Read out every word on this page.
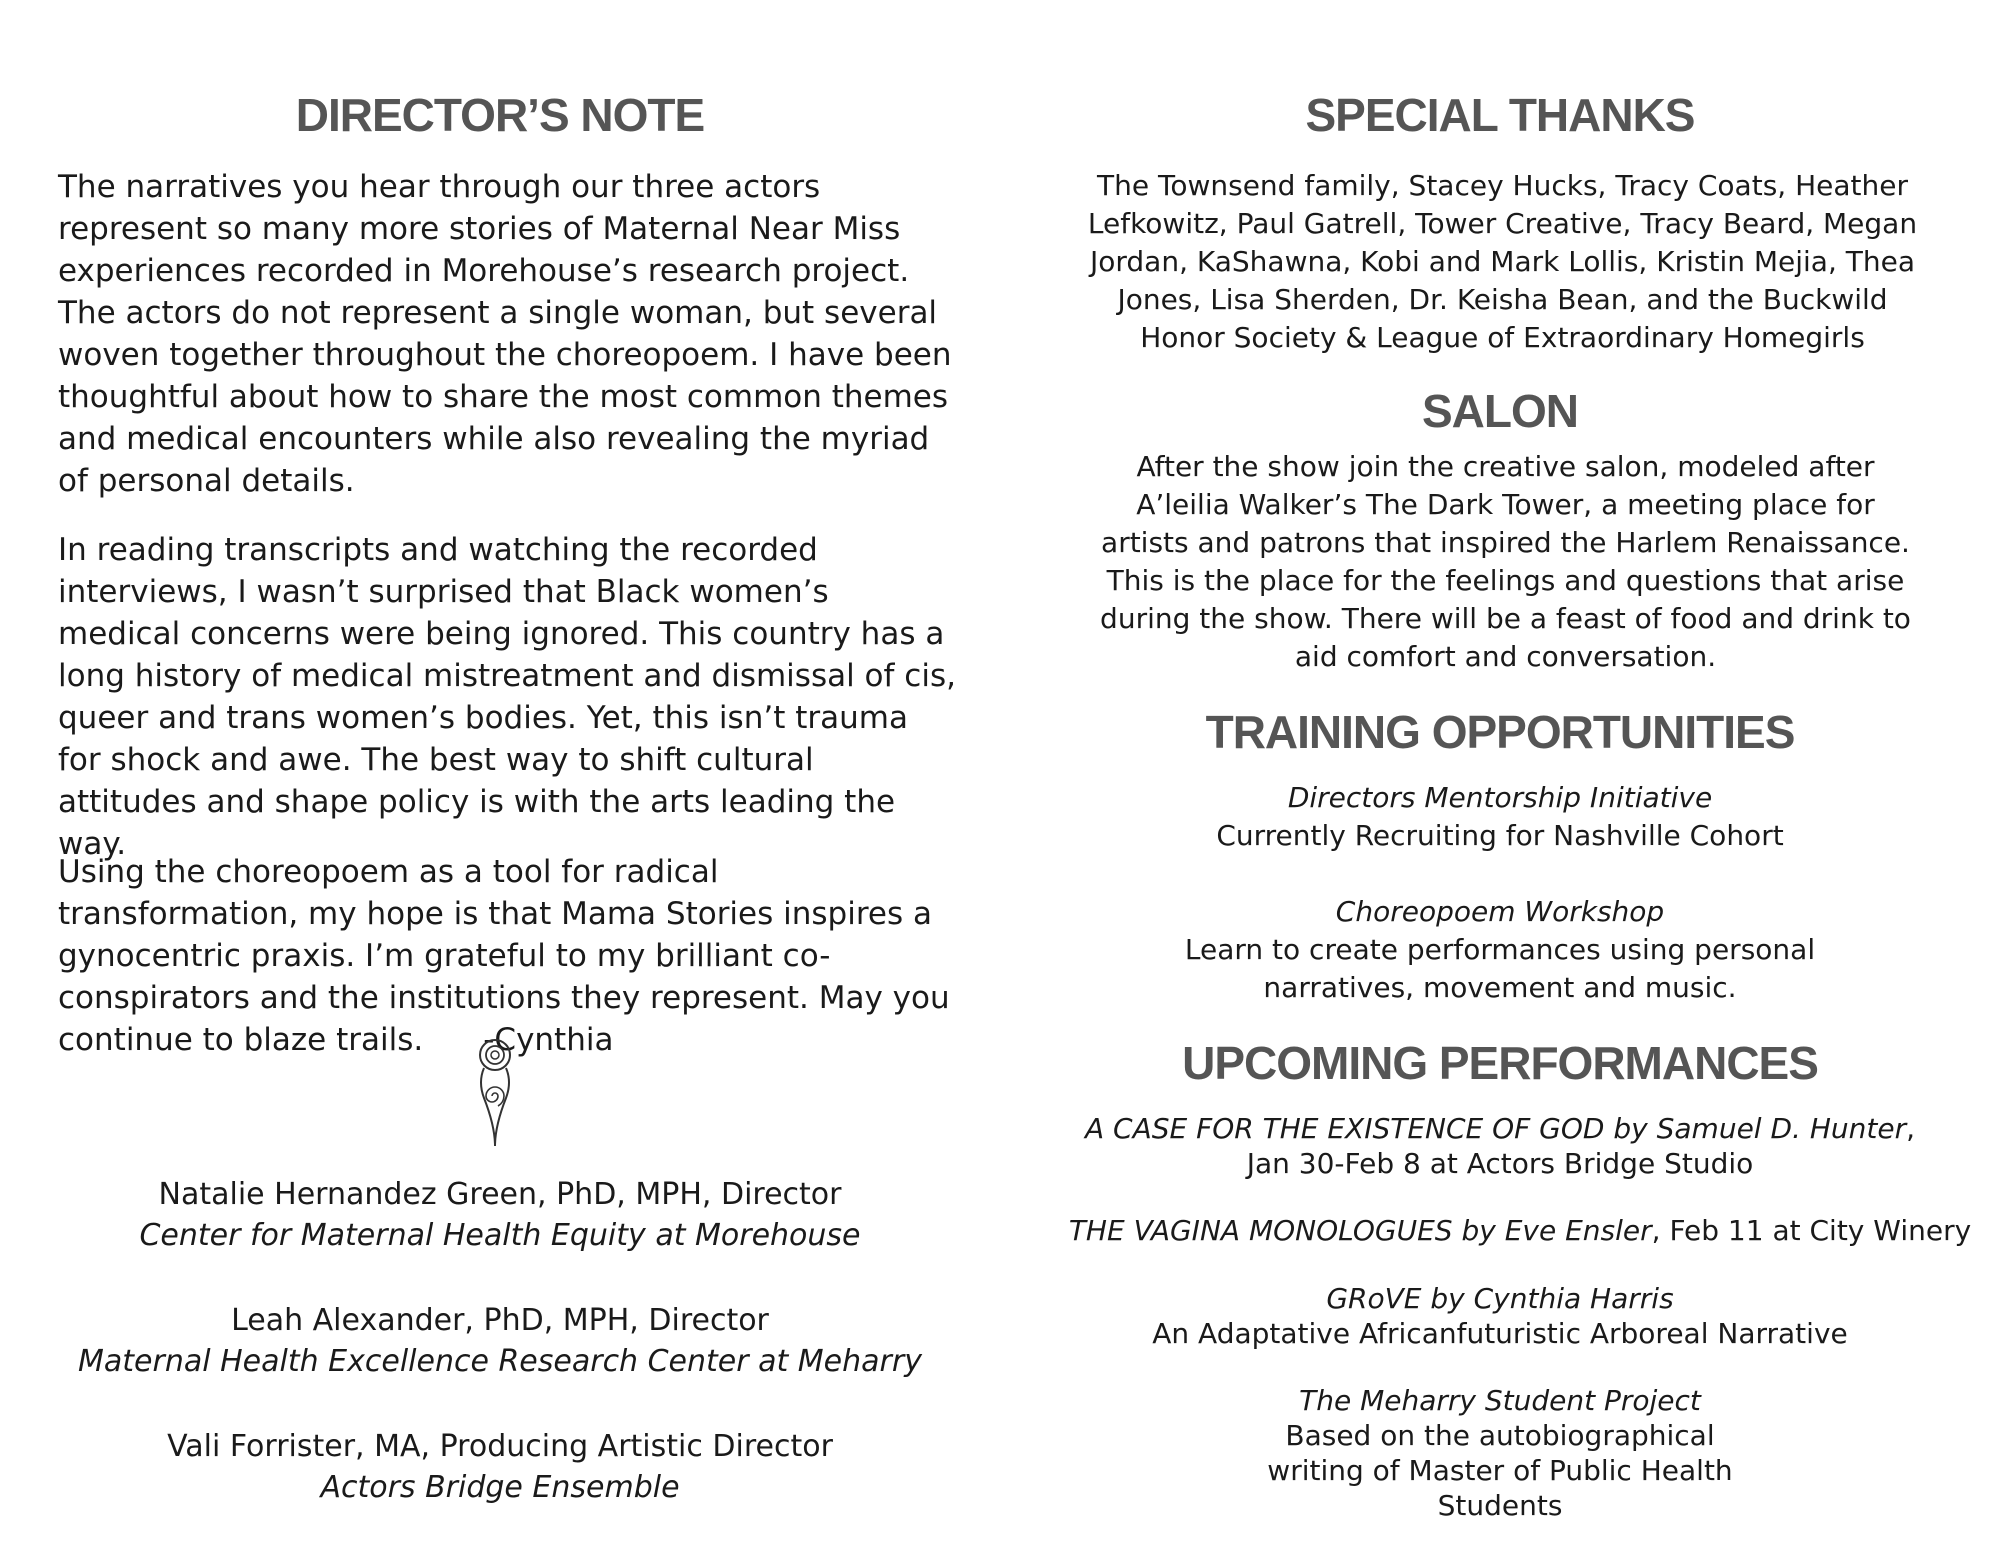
DIRECTOR’S NOTE

The narratives you hear through our three actors represent so many more stories of Maternal Near Miss experiences recorded in Morehouse’s research project. The actors do not represent a single woman, but several woven together throughout the choreopoem. I have been thoughtful about how to share the most common themes and medical encounters while also revealing the myriad of personal details.

In reading transcripts and watching the recorded interviews, I wasn’t surprised that Black women’s medical concerns were being ignored. This country has a long history of medical mistreatment and dismissal of cis, queer and trans women’s bodies. Yet, this isn’t trauma for shock and awe. The best way to shift cultural attitudes and shape policy is with the arts leading the way.

Using the choreopoem as a tool for radical transformation, my hope is that Mama Stories inspires a gynocentric praxis. I’m grateful to my brilliant co-conspirators and the institutions they represent. May you continue to blaze trails. -Cynthia

Natalie Hernandez Green, PhD, MPH, Director
Center for Maternal Health Equity at Morehouse
Leah Alexander, PhD, MPH, Director
Maternal Health Excellence Research Center at Meharry
Vali Forrister, MA, Producing Artistic Director
Actors Bridge Ensemble
SPECIAL THANKS

The Townsend family, Stacey Hucks, Tracy Coats, Heather Lefkowitz, Paul Gatrell, Tower Creative, Tracy Beard, Megan Jordan, KaShawna, Kobi and Mark Lollis, Kristin Mejia, Thea Jones, Lisa Sherden, Dr. Keisha Bean, and the Buckwild Honor Society & League of Extraordinary Homegirls

SALON

After the show join the creative salon, modeled after A’leilia Walker’s The Dark Tower, a meeting place for artists and patrons that inspired the Harlem Renaissance. This is the place for the feelings and questions that arise during the show. There will be a feast of food and drink to aid comfort and conversation.

TRAINING OPPORTUNITIES
Directors Mentorship Initiative
Currently Recruiting for Nashville Cohort
Choreopoem Workshop
Learn to create performances using personal narratives, movement and music.
UPCOMING PERFORMANCES
A CASE FOR THE EXISTENCE OF GOD by Samuel D. Hunter, Jan 30-Feb 8 at Actors Bridge Studio
THE VAGINA MONOLOGUES by Eve Ensler, Feb 11 at City Winery
GRoVE by Cynthia Harris
An Adaptative Africanfuturistic Arboreal Narrative
The Meharry Student Project
Based on the autobiographical writing of Master of Public Health Students
